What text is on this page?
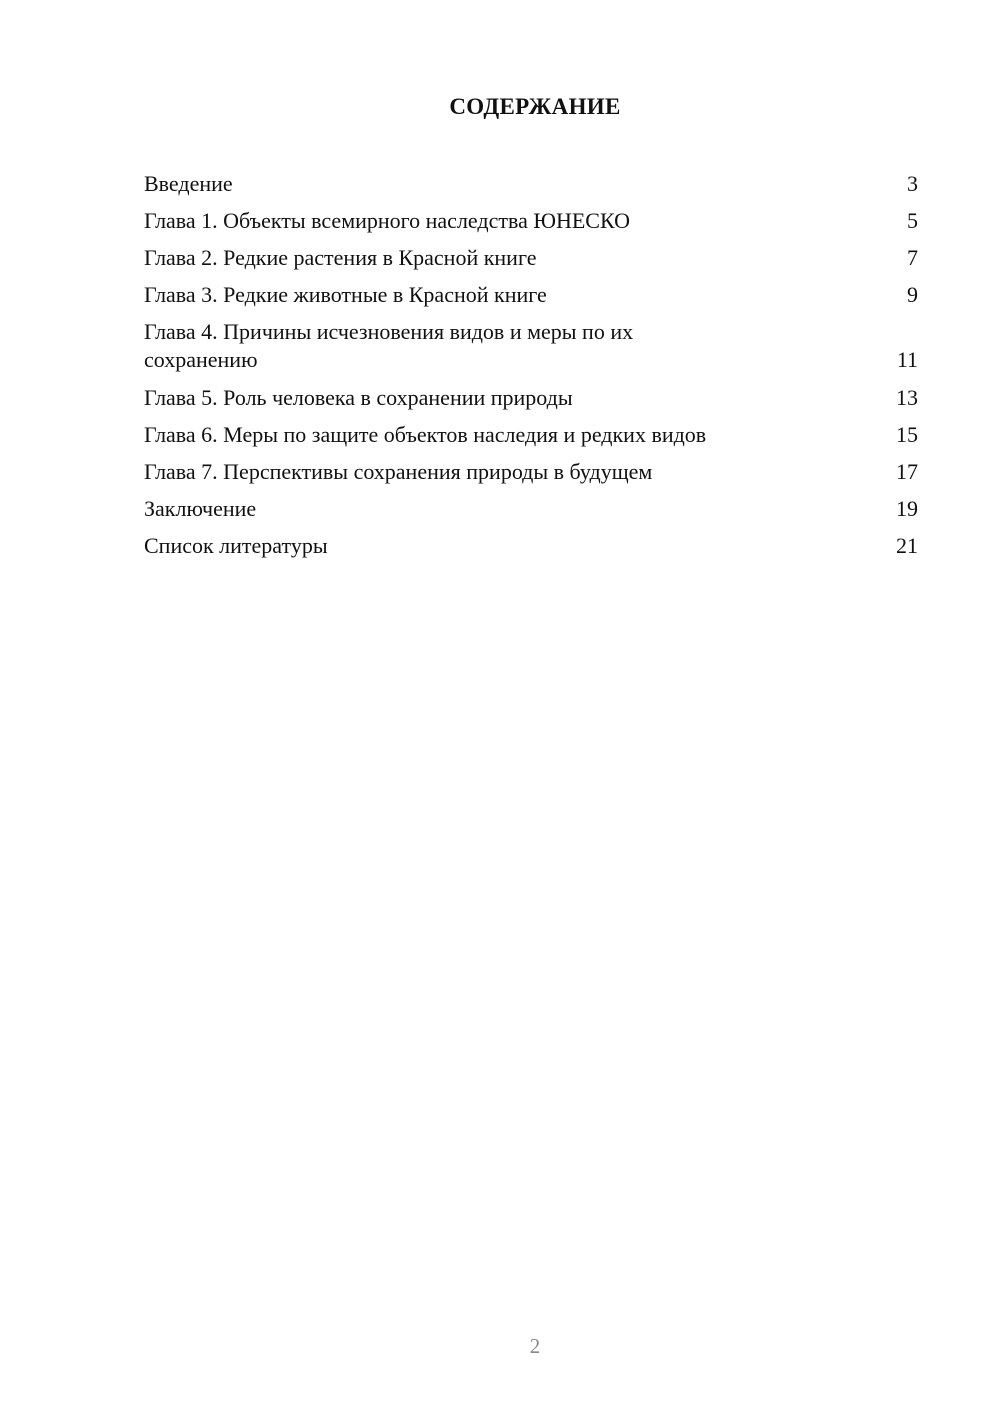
СОДЕРЖАНИЕ
Введение	3
Глава 1. Объекты всемирного наследства ЮНЕСКО	5
Глава 2. Редкие растения в Красной книге	7
Глава 3. Редкие животные в Красной книге	9
Глава 4. Причины исчезновения видов и меры по их сохранению	11
Глава 5. Роль человека в сохранении природы	13
Глава 6. Меры по защите объектов наследия и редких видов	15
Глава 7. Перспективы сохранения природы в будущем	17
Заключение	19
Список литературы	21
2
